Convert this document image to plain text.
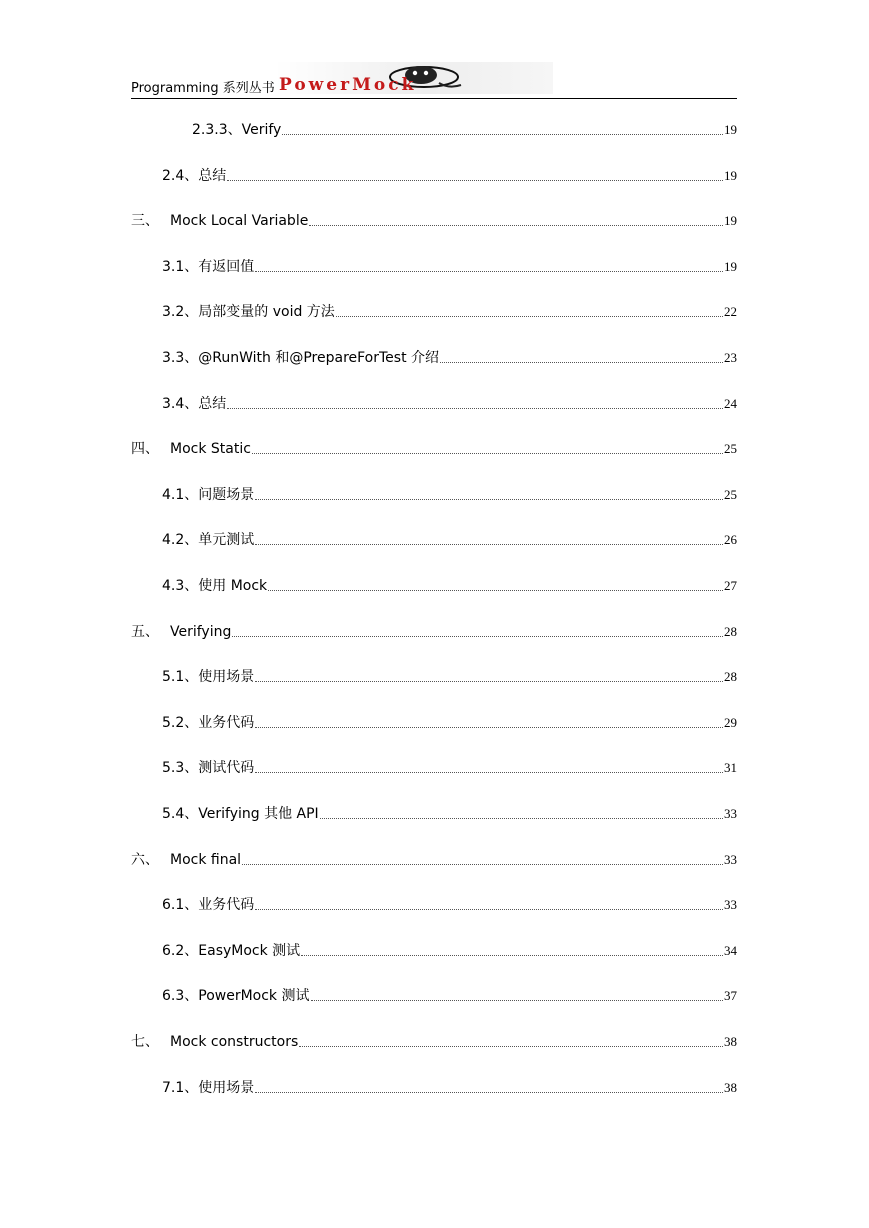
Programming 系列丛书 PowerMock
2.3.3、Verify	19
2.4、总结	19
三、 Mock Local Variable	19
3.1、有返回值	19
3.2、局部变量的 void 方法	22
3.3、@RunWith 和@PrepareForTest 介绍	23
3.4、总结	24
四、 Mock Static	25
4.1、问题场景	25
4.2、单元测试	26
4.3、使用 Mock	27
五、 Verifying	28
5.1、使用场景	28
5.2、业务代码	29
5.3、测试代码	31
5.4、Verifying 其他 API	33
六、 Mock final	33
6.1、业务代码	33
6.2、EasyMock 测试	34
6.3、PowerMock 测试	37
七、 Mock constructors	38
7.1、使用场景	38
